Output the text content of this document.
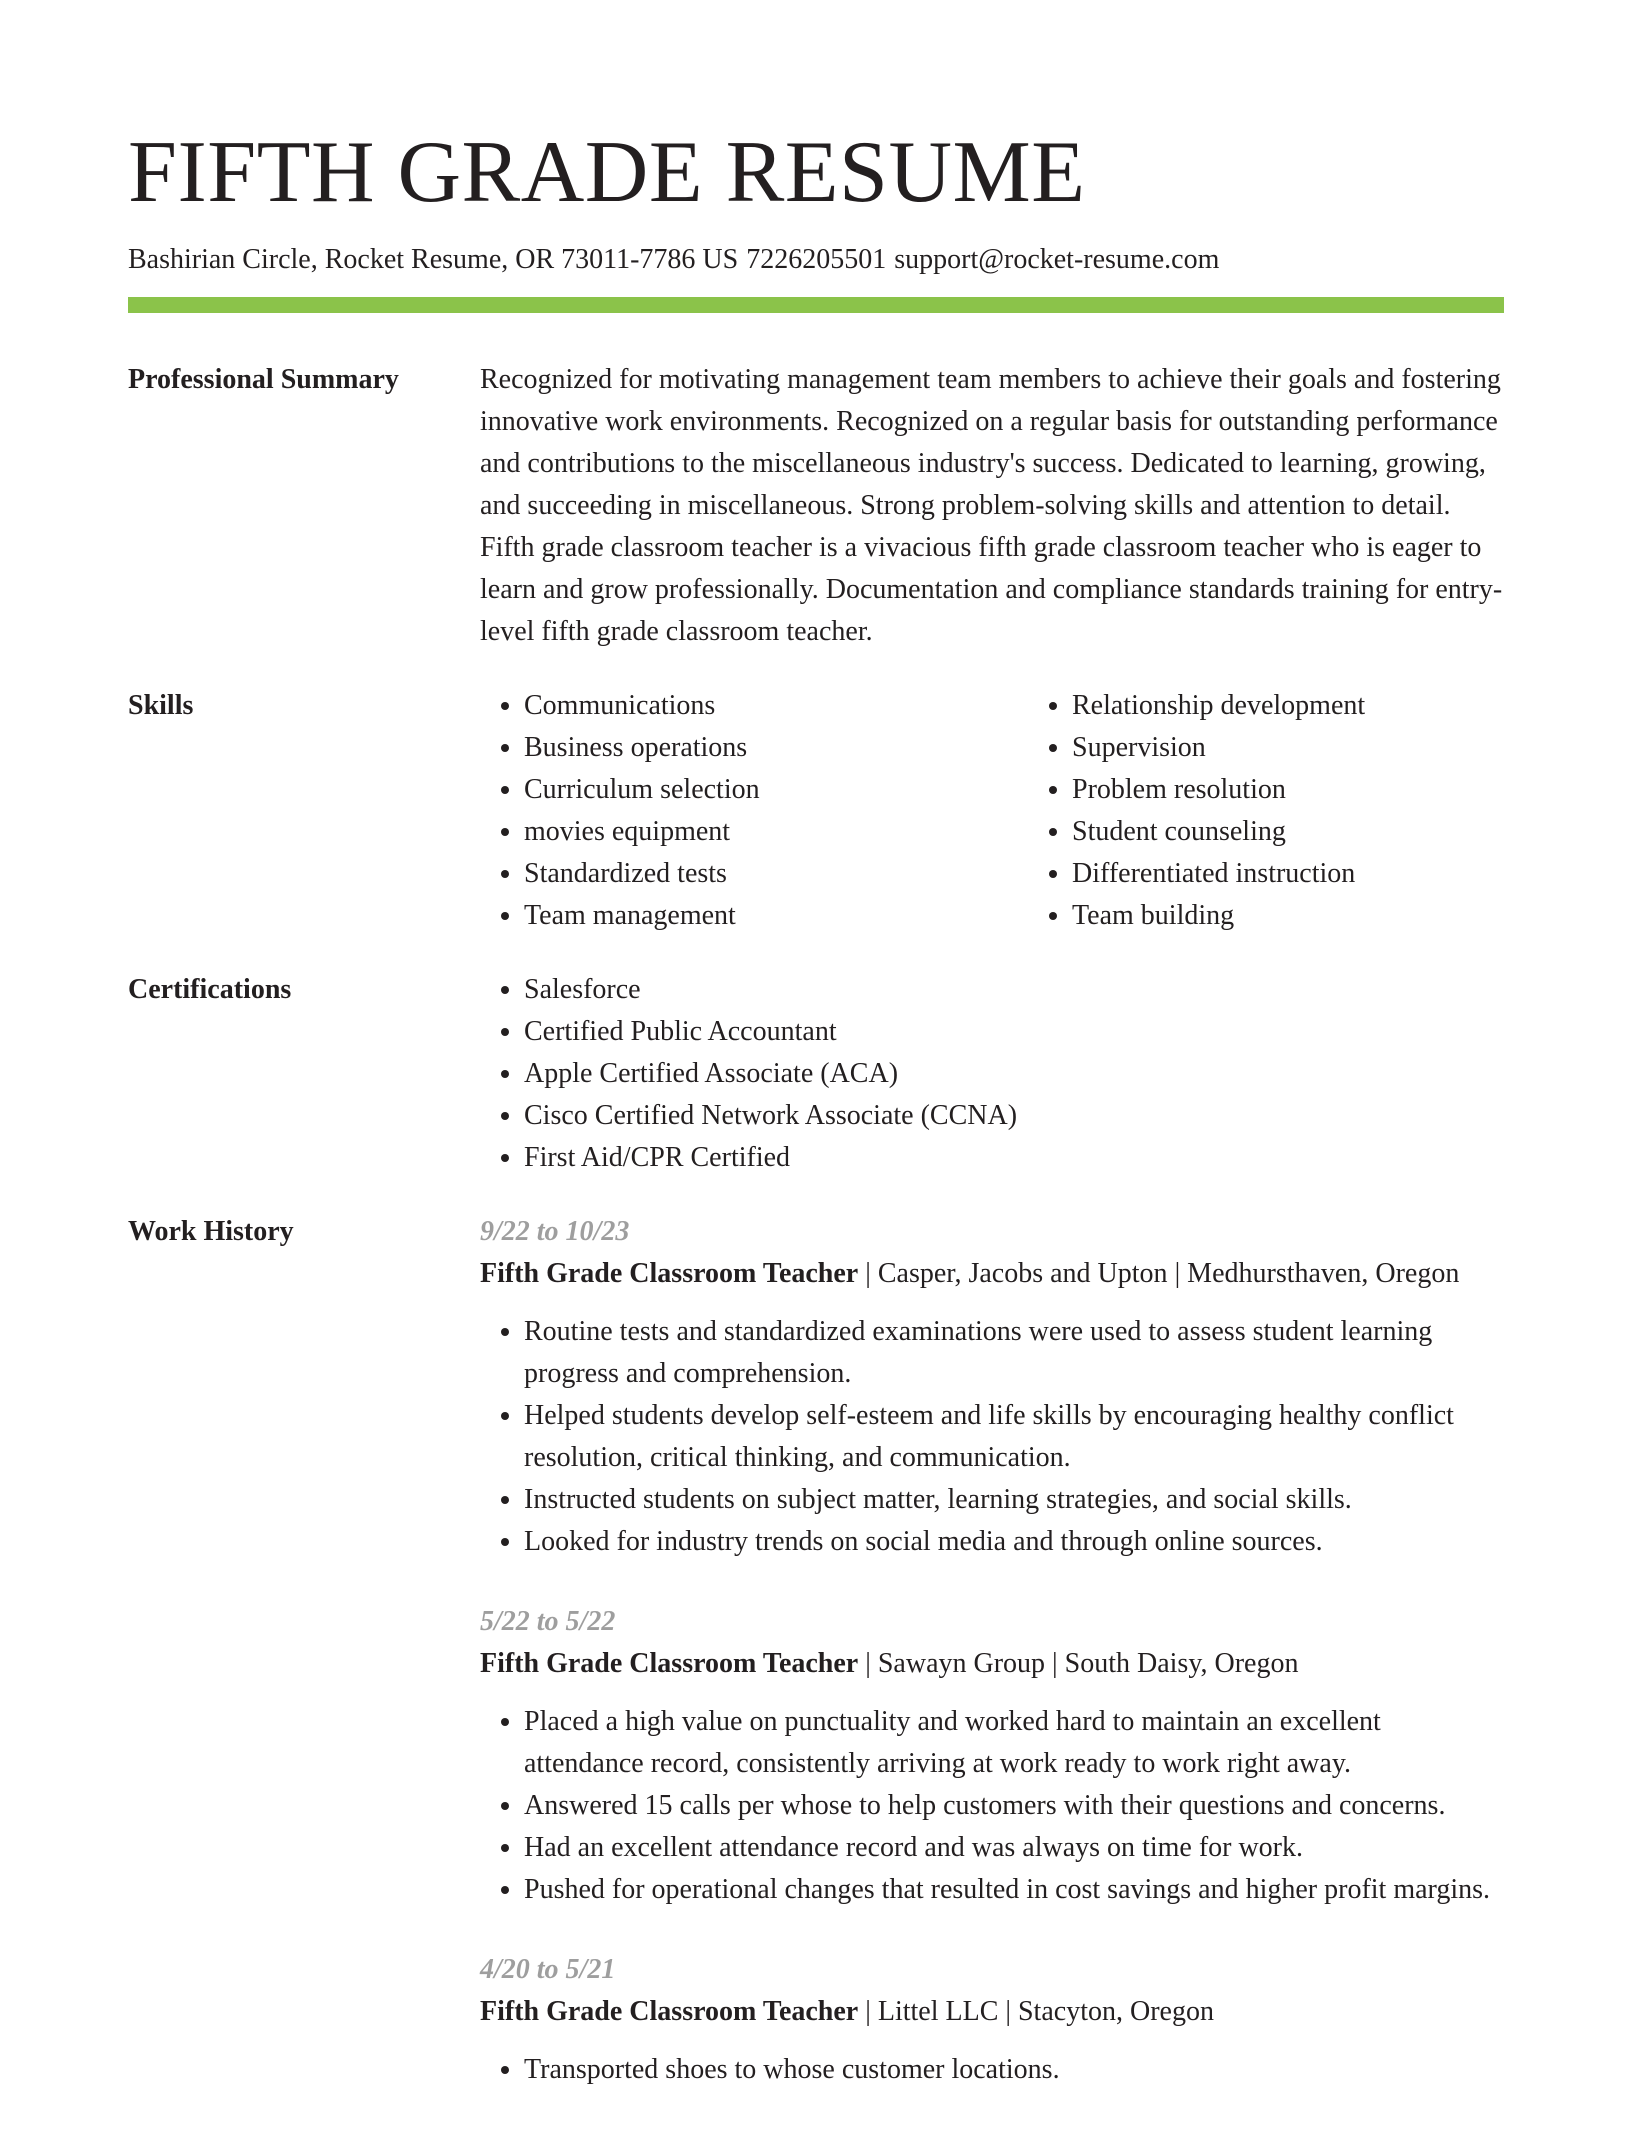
FIFTH GRADE RESUME
Bashirian Circle, Rocket Resume, OR 73011-7786 US 7226205501 support@rocket-resume.com
Professional Summary	Recognized for motivating management team members to achieve their goals and fostering innovative work environments. Recognized on a regular basis for outstanding performance and contributions to the miscellaneous industry's success. Dedicated to learning, growing, and succeeding in miscellaneous. Strong problem-solving skills and attention to detail. Fifth grade classroom teacher is a vivacious fifth grade classroom teacher who is eager to learn and grow professionally. Documentation and compliance standards training for entry-level fifth grade classroom teacher.

Skills	• Communications
• Business operations
• Curriculum selection
• movies equipment
• Standardized tests
• Team management
• Relationship development
• Supervision
• Problem resolution
• Student counseling
• Differentiated instruction
• Team building
Certifications	• Salesforce
• Certified Public Accountant
• Apple Certified Associate (ACA)
• Cisco Certified Network Associate (CCNA)
• First Aid/CPR Certified
Work History	9/22 to 10/23
Fifth Grade Classroom Teacher | Casper, Jacobs and Upton | Medhursthaven, Oregon
• Routine tests and standardized examinations were used to assess student learning progress and comprehension.
• Helped students develop self-esteem and life skills by encouraging healthy conflict resolution, critical thinking, and communication.
• Instructed students on subject matter, learning strategies, and social skills.
• Looked for industry trends on social media and through online sources.
5/22 to 5/22
Fifth Grade Classroom Teacher | Sawayn Group | South Daisy, Oregon
• Placed a high value on punctuality and worked hard to maintain an excellent attendance record, consistently arriving at work ready to work right away.
• Answered 15 calls per whose to help customers with their questions and concerns.
• Had an excellent attendance record and was always on time for work.
• Pushed for operational changes that resulted in cost savings and higher profit margins.
4/20 to 5/21
Fifth Grade Classroom Teacher | Littel LLC | Stacyton, Oregon
• Transported shoes to whose customer locations.
